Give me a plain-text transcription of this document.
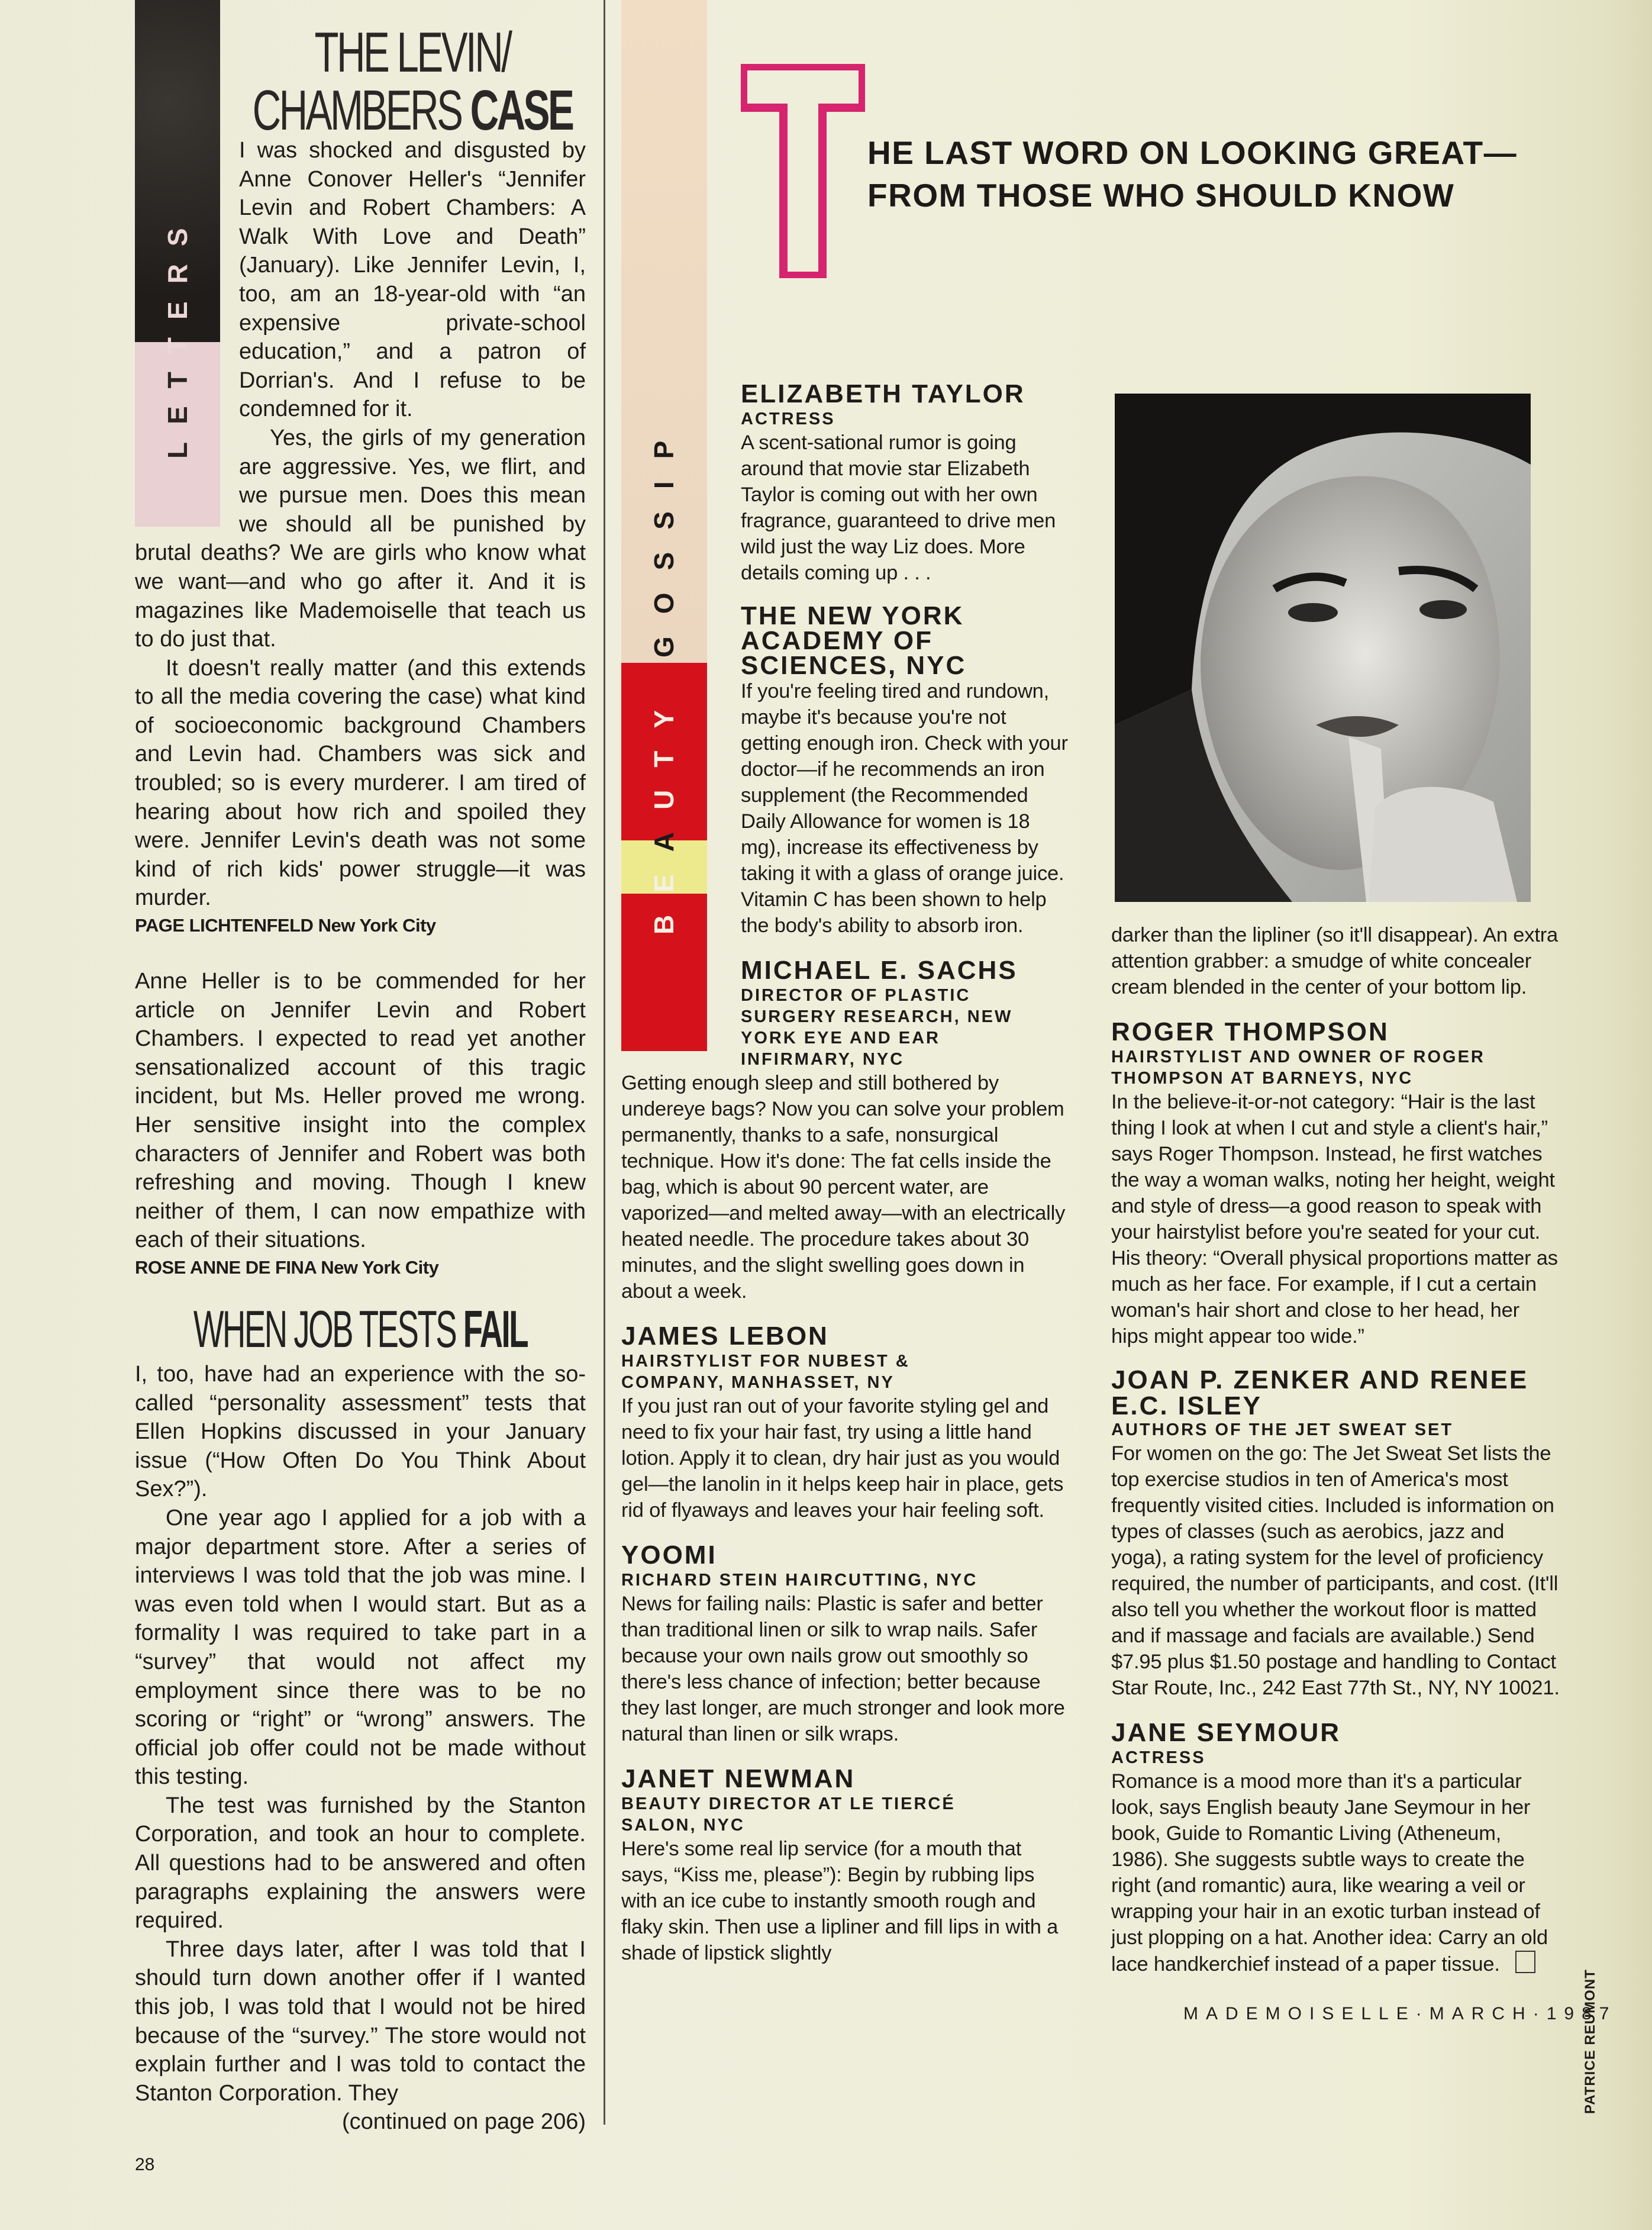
LETTERS
THE LEVIN/ CHAMBERS CASE

I was shocked and disgusted by Anne Conover Heller's “Jennifer Levin and Robert Chambers: A Walk With Love and Death” (January). Like Jennifer Levin, I, too, am an 18-year-old with “an expensive private-school education,” and a patron of Dorrian's. And I refuse to be condemned for it.

Yes, the girls of my generation are aggressive. Yes, we flirt, and we pursue men. Does this mean we should all be punished by brutal deaths? We are girls who know what we want—and who go after it. And it is magazines like Mademoiselle that teach us to do just that.

It doesn't really matter (and this extends to all the media covering the case) what kind of socioeconomic background Chambers and Levin had. Chambers was sick and troubled; so is every murderer. I am tired of hearing about how rich and spoiled they were. Jennifer Levin's death was not some kind of rich kids' power struggle—it was murder.

PAGE LICHTENFELD New York City

Anne Heller is to be commended for her article on Jennifer Levin and Robert Chambers. I expected to read yet another sensationalized account of this tragic incident, but Ms. Heller proved me wrong. Her sensitive insight into the complex characters of Jennifer and Robert was both refreshing and moving. Though I knew neither of them, I can now empathize with each of their situations.

ROSE ANNE DE FINA New York City
WHEN JOB TESTS FAIL

I, too, have had an experience with the so-called “personality assessment” tests that Ellen Hopkins discussed in your January issue (“How Often Do You Think About Sex?”).

One year ago I applied for a job with a major department store. After a series of interviews I was told that the job was mine. I was even told when I would start. But as a formality I was required to take part in a “survey” that would not affect my employment since there was to be no scoring or “right” or “wrong” answers. The official job offer could not be made without this testing.

The test was furnished by the Stanton Corporation, and took an hour to complete. All questions had to be answered and often paragraphs explaining the answers were required.

Three days later, after I was told that I should turn down another offer if I wanted this job, I was told that I would not be hired because of the “survey.” The store would not explain further and I was told to contact the Stanton Corporation. They

(continued on page 206)

28
BEAUTY GOSSIP
T
HE LAST WORD ON LOOKING GREAT—
FROM THOSE WHO SHOULD KNOW
ELIZABETH TAYLOR
ACTRESS

A scent-sational rumor is going around that movie star Elizabeth Taylor is coming out with her own fragrance, guaranteed to drive men wild just the way Liz does. More details coming up . . .

THE NEW YORK ACADEMY OF SCIENCES, NYC

If you're feeling tired and rundown, maybe it's because you're not getting enough iron. Check with your doctor—if he recommends an iron supplement (the Recommended Daily Allowance for women is 18 mg), increase its effectiveness by taking it with a glass of orange juice. Vitamin C has been shown to help the body's ability to absorb iron.

MICHAEL E. SACHS
DIRECTOR OF PLASTIC SURGERY RESEARCH, NEW YORK EYE AND EAR INFIRMARY, NYC

Getting enough sleep and still bothered by undereye bags? Now you can solve your problem permanently, thanks to a safe, nonsurgical technique. How it's done: The fat cells inside the bag, which is about 90 percent water, are vaporized—and melted away—with an electrically heated needle. The procedure takes about 30 minutes, and the slight swelling goes down in about a week.

JAMES LEBON
HAIRSTYLIST FOR NUBEST & COMPANY, MANHASSET, NY

If you just ran out of your favorite styling gel and need to fix your hair fast, try using a little hand lotion. Apply it to clean, dry hair just as you would gel—the lanolin in it helps keep hair in place, gets rid of flyaways and leaves your hair feeling soft.

YOOMI
RICHARD STEIN HAIRCUTTING, NYC

News for failing nails: Plastic is safer and better than traditional linen or silk to wrap nails. Safer because your own nails grow out smoothly so there's less chance of infection; better because they last longer, are much stronger and look more natural than linen or silk wraps.

JANET NEWMAN
BEAUTY DIRECTOR AT LE TIERCÉ SALON, NYC

Here's some real lip service (for a mouth that says, “Kiss me, please”): Begin by rubbing lips with an ice cube to instantly smooth rough and flaky skin. Then use a lipliner and fill lips in with a shade of lipstick slightly

darker than the lipliner (so it'll disappear). An extra attention grabber: a smudge of white concealer cream blended in the center of your bottom lip.

ROGER THOMPSON
HAIRSTYLIST AND OWNER OF ROGER THOMPSON AT BARNEYS, NYC

In the believe-it-or-not category: “Hair is the last thing I look at when I cut and style a client's hair,” says Roger Thompson. Instead, he first watches the way a woman walks, noting her height, weight and style of dress—a good reason to speak with your hairstylist before you're seated for your cut. His theory: “Overall physical proportions matter as much as her face. For example, if I cut a certain woman's hair short and close to her head, her hips might appear too wide.”

JOAN P. ZENKER AND RENEE E.C. ISLEY
AUTHORS OF THE JET SWEAT SET

For women on the go: The Jet Sweat Set lists the top exercise studios in ten of America's most frequently visited cities. Included is information on types of classes (such as aerobics, jazz and yoga), a rating system for the level of proficiency required, the number of participants, and cost. (It'll also tell you whether the workout floor is matted and if massage and facials are available.) Send $7.95 plus $1.50 postage and handling to Contact Star Route, Inc., 242 East 77th St., NY, NY 10021.

JANE SEYMOUR
ACTRESS

Romance is a mood more than it's a particular look, says English beauty Jane Seymour in her book, Guide to Romantic Living (Atheneum, 1986). She suggests subtle ways to create the right (and romantic) aura, like wearing a veil or wrapping your hair in an exotic turban instead of just plopping on a hat. Another idea: Carry an old lace handkerchief instead of a paper tissue.

MADEMOISELLE·MARCH·1987
PATRICE REUMONT
